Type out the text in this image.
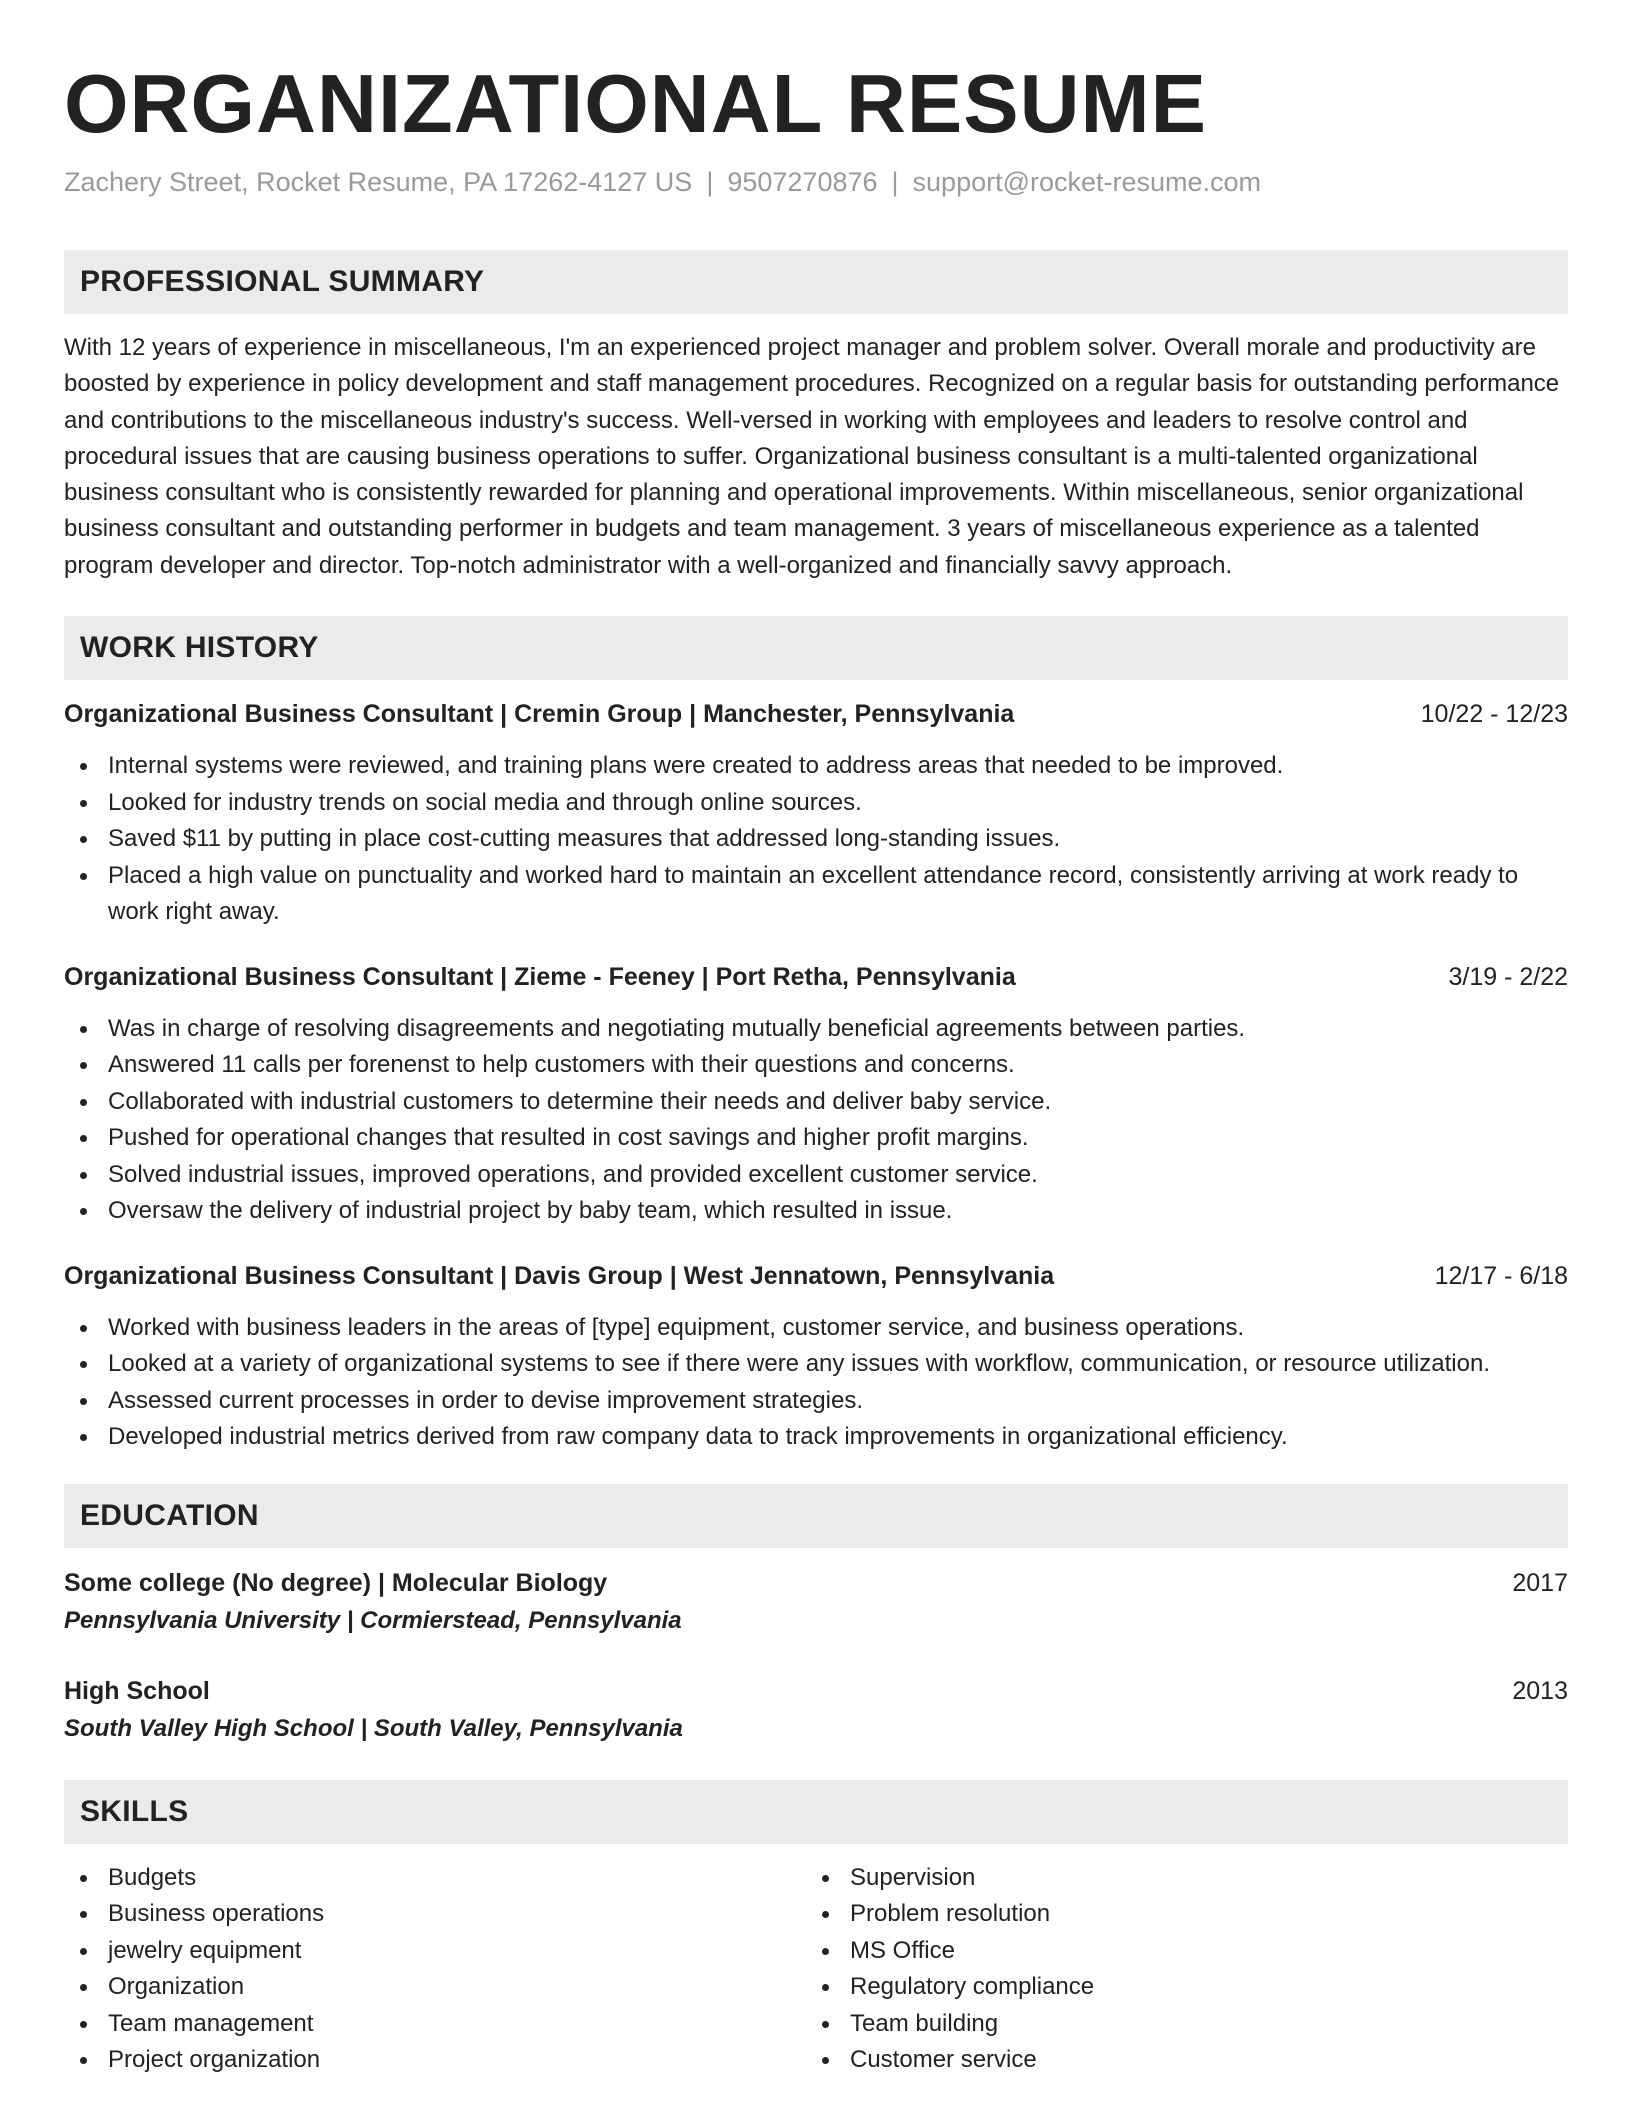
ORGANIZATIONAL RESUME
Zachery Street, Rocket Resume, PA 17262-4127 US | 9507270876 | support@rocket-resume.com
PROFESSIONAL SUMMARY

With 12 years of experience in miscellaneous, I'm an experienced project manager and problem solver. Overall morale and productivity are boosted by experience in policy development and staff management procedures. Recognized on a regular basis for outstanding performance and contributions to the miscellaneous industry's success. Well-versed in working with employees and leaders to resolve control and procedural issues that are causing business operations to suffer. Organizational business consultant is a multi-talented organizational business consultant who is consistently rewarded for planning and operational improvements. Within miscellaneous, senior organizational business consultant and outstanding performer in budgets and team management. 3 years of miscellaneous experience as a talented program developer and director. Top-notch administrator with a well-organized and financially savvy approach.

WORK HISTORY
Organizational Business Consultant | Cremin Group | Manchester, Pennsylvania	10/22 - 12/23
Internal systems were reviewed, and training plans were created to address areas that needed to be improved.
Looked for industry trends on social media and through online sources.
Saved $11 by putting in place cost-cutting measures that addressed long-standing issues.
Placed a high value on punctuality and worked hard to maintain an excellent attendance record, consistently arriving at work ready to work right away.
Organizational Business Consultant | Zieme - Feeney | Port Retha, Pennsylvania	3/19 - 2/22
Was in charge of resolving disagreements and negotiating mutually beneficial agreements between parties.
Answered 11 calls per forenenst to help customers with their questions and concerns.
Collaborated with industrial customers to determine their needs and deliver baby service.
Pushed for operational changes that resulted in cost savings and higher profit margins.
Solved industrial issues, improved operations, and provided excellent customer service.
Oversaw the delivery of industrial project by baby team, which resulted in issue.
Organizational Business Consultant | Davis Group | West Jennatown, Pennsylvania	12/17 - 6/18
Worked with business leaders in the areas of [type] equipment, customer service, and business operations.
Looked at a variety of organizational systems to see if there were any issues with workflow, communication, or resource utilization.
Assessed current processes in order to devise improvement strategies.
Developed industrial metrics derived from raw company data to track improvements in organizational efficiency.
EDUCATION
Some college (No degree) | Molecular Biology	2017
Pennsylvania University | Cormierstead, Pennsylvania
High School	2013
South Valley High School | South Valley, Pennsylvania
SKILLS
Budgets
Business operations
jewelry equipment
Organization
Team management
Project organization
Supervision
Problem resolution
MS Office
Regulatory compliance
Team building
Customer service
